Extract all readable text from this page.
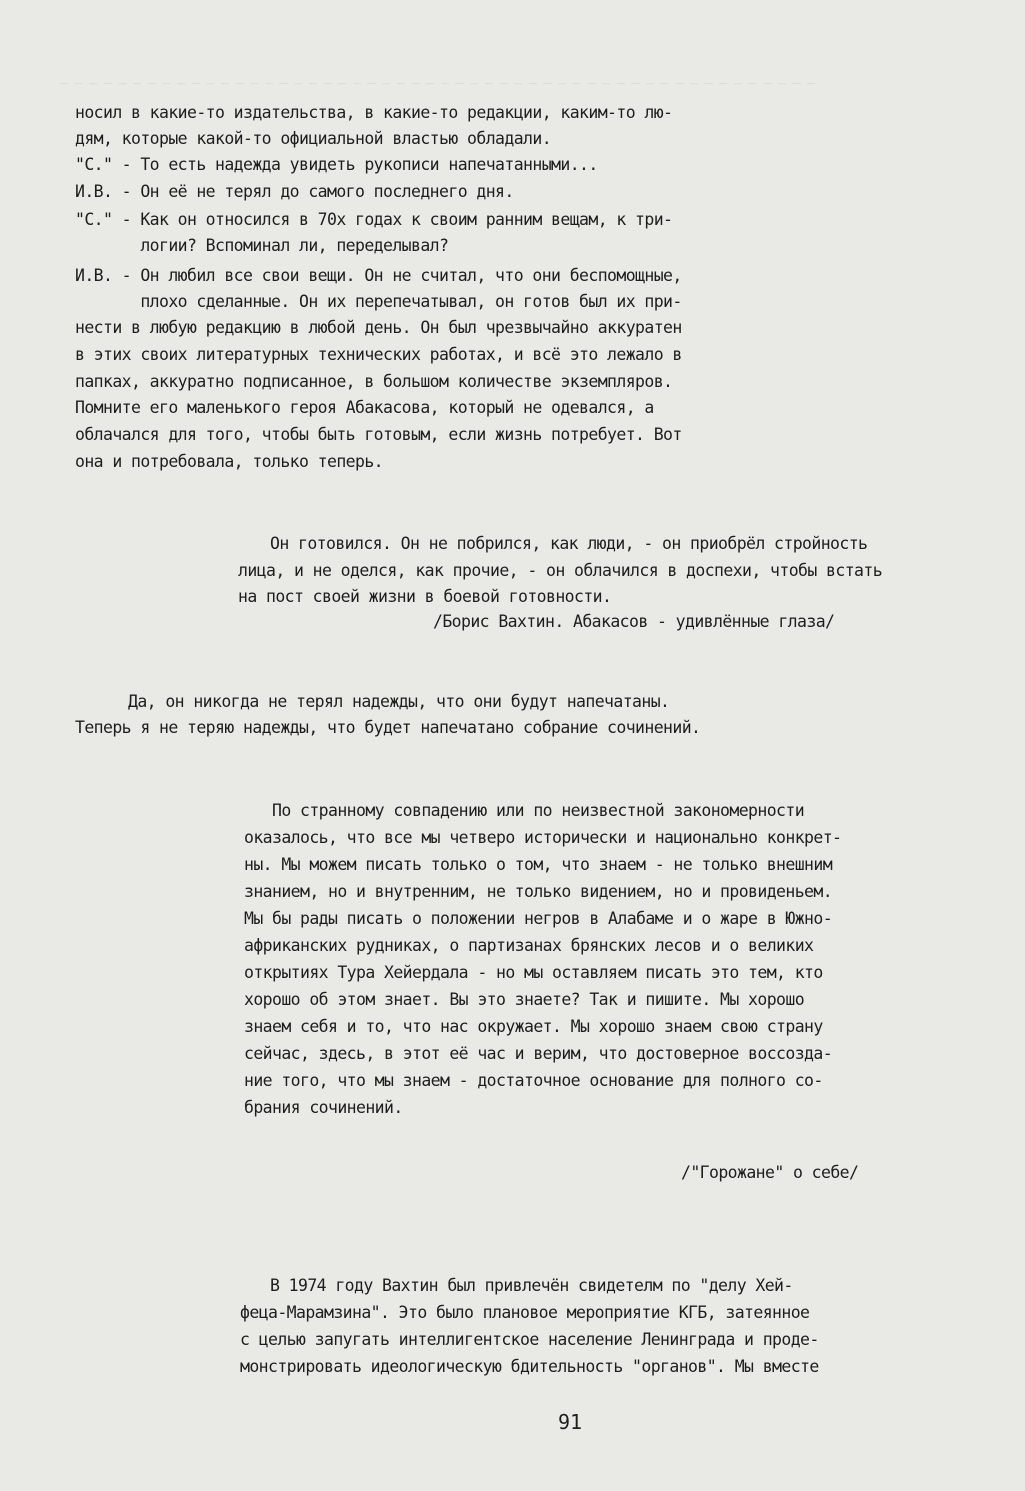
_ _ _ _ _ _ _ _ _ _ _ _ _ _ _ _ _ _ _ _ _ _ _ _ _ _ _ _ _ _ _ _ _ _ _ _ _ _ _ _ _ _ _ _ _ _ _ _ _ _ _ _
носил в какие-то издательства, в какие-то редакции, каким-то лю-
дям, которые какой-то официальной властью обладали.
"С." - То есть надежда увидеть рукописи напечатанными...
И.В. - Он её не терял до самого последнего дня.
"С." - Как он относился в 70х годах к своим ранним вещам, к три-
логии? Вспоминал ли, переделывал?
И.В. - Он любил все свои вещи. Он не считал, что они беспомощные,
плохо сделанные. Он их перепечатывал, он готов был их при-
нести в любую редакцию в любой день. Он был чрезвычайно аккуратен
в этих своих литературных технических работах, и всё это лежало в
папках, аккуратно подписанное, в большом количестве экземпляров.
Помните его маленького героя Абакасова, который не одевался, а
облачался для того, чтобы быть готовым, если жизнь потребует. Вот
она и потребовала, только теперь.
Он готовился. Он не побрился, как люди, - он приобрёл стройность
лица, и не оделся, как прочие, - он облачился в доспехи, чтобы встать
на пост своей жизни в боевой готовности.
/Борис Вахтин. Абакасов - удивлённые глаза/
Да, он никогда не терял надежды, что они будут напечатаны.
Теперь я не теряю надежды, что будет напечатано собрание сочинений.
По странному совпадению или по неизвестной закономерности
оказалось, что все мы четверо исторически и национально конкрет-
ны. Мы можем писать только о том, что знаем - не только внешним
знанием, но и внутренним, не только видением, но и провиденьем.
Мы бы рады писать о положении негров в Алабаме и о жаре в Южно-
африканских рудниках, о партизанах брянских лесов и о великих
открытиях Тура Хейердала - но мы оставляем писать это тем, кто
хорошо об этом знает. Вы это знаете? Так и пишите. Мы хорошо
знаем себя и то, что нас окружает. Мы хорошо знаем свою страну
сейчас, здесь, в этот её час и верим, что достоверное воссозда-
ние того, что мы знаем - достаточное основание для полного со-
брания сочинений.
/"Горожане" о себе/
В 1974 году Вахтин был привлечён свидетелм по "делу Хей-
феца-Марамзина". Это было плановое мероприятие КГБ, затеянное
с целью запугать интеллигентское население Ленинграда и проде-
монстрировать идеологическую бдительность "органов". Мы вместе
91
